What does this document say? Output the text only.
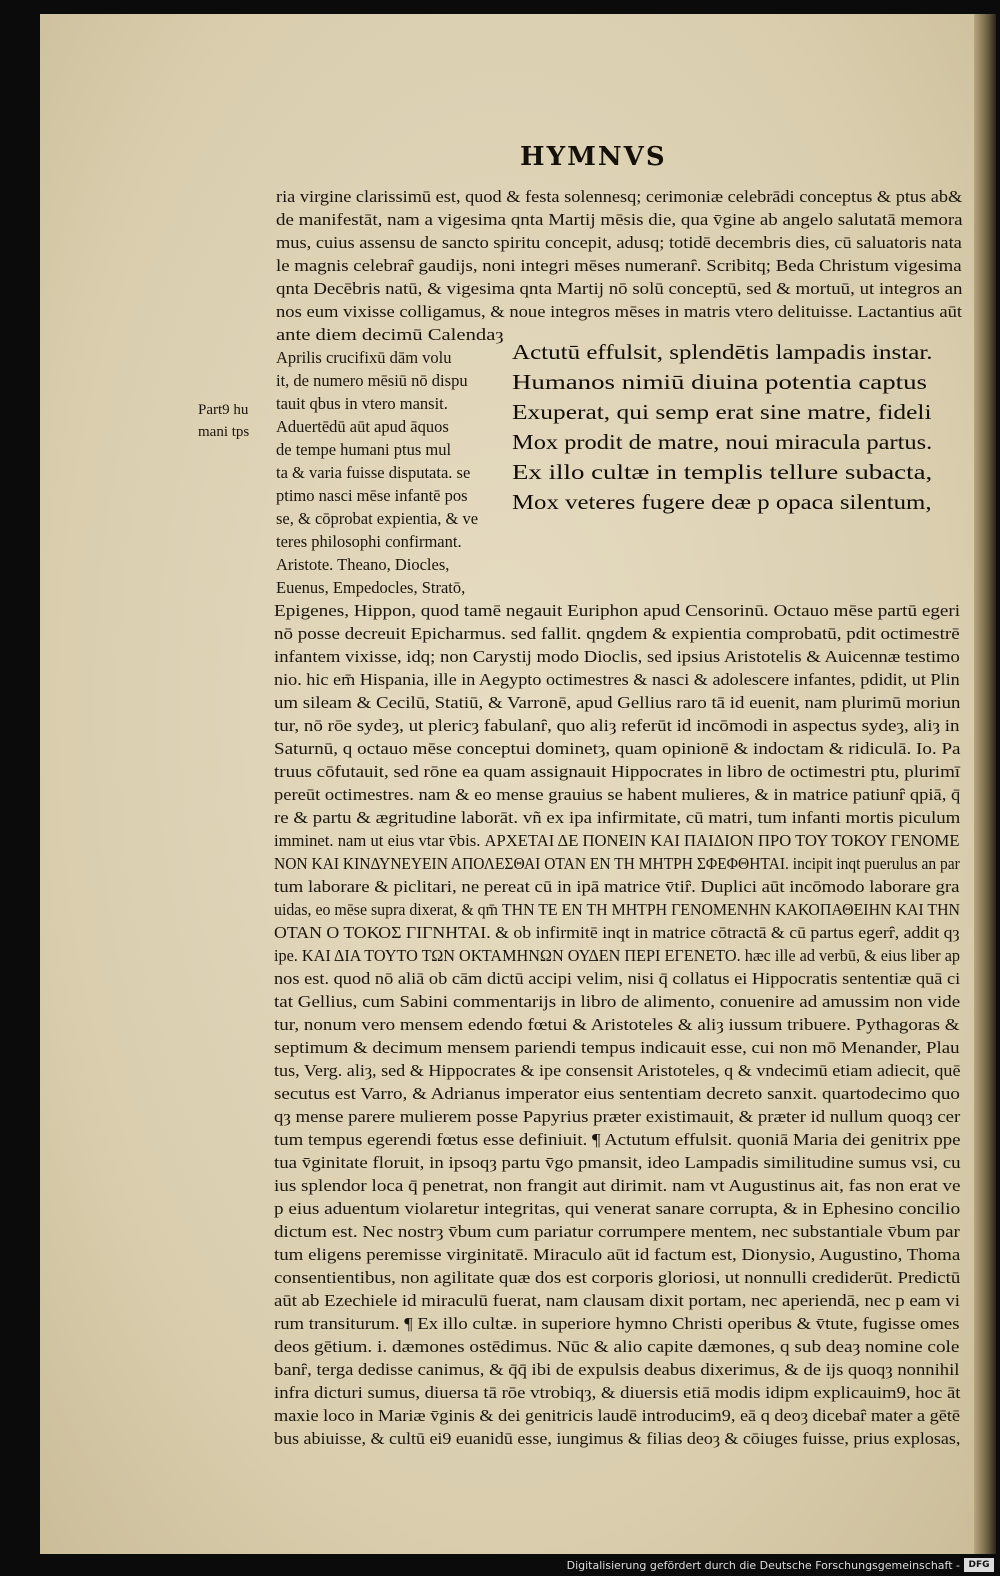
HYMNVS
ria virgine clarissimū est, quod & festa solennesq; cerimoniæ celebrādi conceptus & ptus ab&
de manifestāt, nam a vigesima qnta Martij mēsis die, qua v̄gine ab angelo salutatā memora
mus, cuius assensu de sancto spiritu concepit, adusq; totidē decembris dies, cū saluatoris nata
le magnis celebraȓ gaudijs, noni integri mēses numeranȓ. Scribitq; Beda Christum vigesima
qnta Decēbris natū, & vigesima qnta Martij nō solū conceptū, sed & mortuū, ut integros an
nos eum vixisse colligamus, & noue integros mēses in matris vtero delituisse. Lactantius aūt
ante diem decimū Calendaȝ
Aprilis crucifixū dām volu
it, de numero mēsiū nō dispu
tauit qbus in vtero mansit.
Aduertēdū aūt apud āquos
de tempe humani ptus mul
ta & varia fuisse disputata. se
ptimo nasci mēse infantē pos
se, & cōprobat expientia, & ve
teres philosophi confirmant.
Aristote. Theano, Diocles,
Euenus, Empedocles, Stratō,
Actutū effulsit, splendētis lampadis instar.
Humanos nimiū diuina potentia captus
Exuperat, qui semp erat sine matre, fideli
Mox prodit de matre, noui miracula partus.
Ex illo cultæ in templis tellure subacta,
Mox veteres fugere deæ p opaca silentum,
Part9 hu
mani tps
Epigenes, Hippon, quod tamē negauit Euriphon apud Censorinū. Octauo mēse partū egeri
nō posse decreuit Epicharmus. sed fallit. qngdem & expientia comprobatū, pdit octimestrē
infantem vixisse, idq; non Carystij modo Dioclis, sed ipsius Aristotelis & Auicennæ testimo
nio. hic em̄ Hispania, ille in Aegypto octimestres & nasci & adolescere infantes, pdidit, ut Plin
um sileam & Cecilū, Statiū, & Varronē, apud Gellius raro tā id euenit, nam plurimū moriun
tur, nō rōe sydeȝ, ut plericȝ fabulanȓ, quo aliȝ referūt id incōmodi in aspectus sydeȝ, aliȝ in
Saturnū, q octauo mēse conceptui dominetȝ, quam opinionē & indoctam & ridiculā. Io. Pa
truus cōfutauit, sed rōne ea quam assignauit Hippocrates in libro de octimestri ptu, plurimī
pereūt octimestres. nam & eo mense grauius se habent mulieres, & in matrice patiunȓ qpiā, q̄
re & partu & ægritudine laborāt. vñ ex ipa infirmitate, cū matri, tum infanti mortis piculum
imminet. nam ut eius vtar v̄bis. ΑΡΧΕΤΑΙ ΔΕ ΠΟΝΕΙΝ ΚΑΙ ΠΑΙΔΙΟΝ ΠΡΟ ΤΟΥ ΤΟΚΟΥ ΓΕΝΟΜΕ
ΝΟΝ ΚΑΙ ΚΙΝΔΥΝΕΥΕΙΝ ΑΠΟΛΕΣΘΑΙ ΟΤΑΝ ΕΝ ΤΗ ΜΗΤΡΗ ΣΦΕΦΘΗΤΑΙ. incipit inqt puerulus an par
tum laborare & piclitari, ne pereat cū in ipā matrice v̄tiȓ. Duplici aūt incōmodo laborare gra
uidas, eo mēse supra dixerat, & qm̄ ΤΗΝ ΤΕ ΕΝ ΤΗ ΜΗΤΡΗ ΓΕΝΟΜΕΝΗΝ ΚΑΚΟΠΑΘΕΙΗΝ ΚΑΙ ΤΗΝ
ΟΤΑΝ Ο ΤΟΚΟΣ ΓΙΓΝΗΤΑΙ. & ob infirmitē inqt in matrice cōtractā & cū partus egerȓ, addit qȝ
ipe. ΚΑΙ ΔΙΑ ΤΟΥΤΟ ΤΩΝ ΟΚΤΑΜΗΝΩΝ ΟΥΔΕΝ ΠΕΡΙ ΕΓΕΝΕΤΟ. hæc ille ad verbū, & eius liber ap
nos est. quod nō aliā ob cām dictū accipi velim, nisi q̄ collatus ei Hippocratis sententiæ quā ci
tat Gellius, cum Sabini commentarijs in libro de alimento, conuenire ad amussim non vide
tur, nonum vero mensem edendo fœtui & Aristoteles & aliȝ iussum tribuere. Pythagoras &
septimum & decimum mensem pariendi tempus indicauit esse, cui non mō Menander, Plau
tus, Verg. aliȝ, sed & Hippocrates & ipe consensit Aristoteles, q & vndecimū etiam adiecit, quē
secutus est Varro, & Adrianus imperator eius sententiam decreto sanxit. quartodecimo quo
qȝ mense parere mulierem posse Papyrius præter existimauit, & præter id nullum quoqȝ cer
tum tempus egerendi fœtus esse definiuit. ¶ Actutum effulsit. quoniā Maria dei genitrix ppe
tua v̄ginitate floruit, in ipsoqȝ partu v̄go pmansit, ideo Lampadis similitudine sumus vsi, cu
ius splendor loca q̄ penetrat, non frangit aut dirimit. nam vt Augustinus ait, fas non erat ve
p eius aduentum violaretur integritas, qui venerat sanare corrupta, & in Ephesino concilio
dictum est. Nec nostrȝ v̄bum cum pariatur corrumpere mentem, nec substantiale v̄bum par
tum eligens peremisse virginitatē. Miraculo aūt id factum est, Dionysio, Augustino, Thoma
consentientibus, non agilitate quæ dos est corporis gloriosi, ut nonnulli crediderūt. Predictū
aūt ab Ezechiele id miraculū fuerat, nam clausam dixit portam, nec aperiendā, nec p eam vi
rum transiturum. ¶ Ex illo cultæ. in superiore hymno Christi operibus & v̄tute, fugisse omes
deos gētium. i. dæmones ostēdimus. Nūc & alio capite dæmones, q sub deaȝ nomine cole
banȓ, terga dedisse canimus, & q̄q̄ ibi de expulsis deabus dixerimus, & de ijs quoqȝ nonnihil
infra dicturi sumus, diuersa tā rōe vtrobiqȝ, & diuersis etiā modis idipm explicauim9, hoc āt
maxie loco in Mariæ v̄ginis & dei genitricis laudē introducim9, eā q deoȝ dicebaȓ mater a gētē
bus abiuisse, & cultū ei9 euanidū esse, iungimus & filias deoȝ & cōiuges fuisse, prius explosas,
Digitalisierung gefördert durch die Deutsche Forschungsgemeinschaft - DFG
